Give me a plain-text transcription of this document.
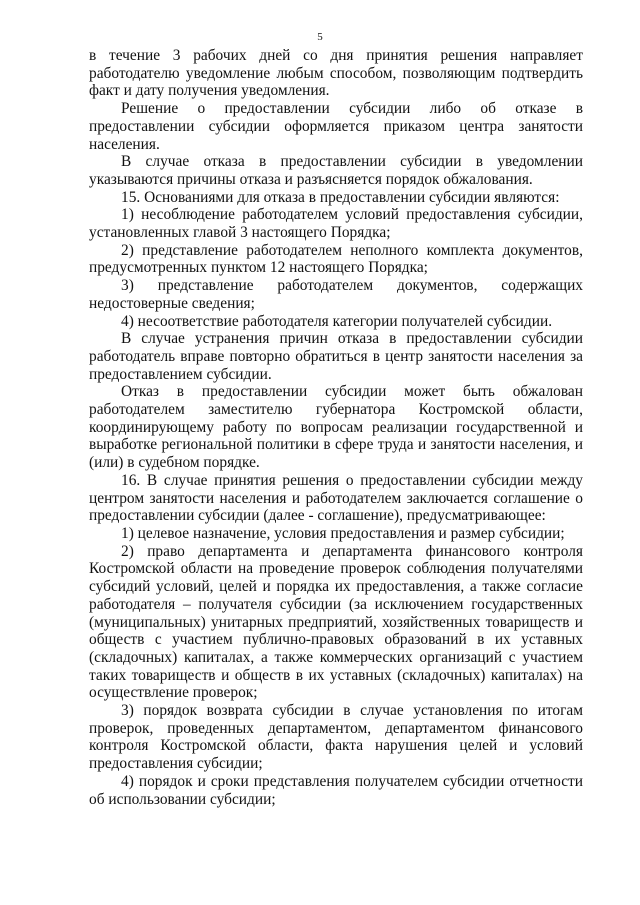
5

в течение 3 рабочих дней со дня принятия решения направляет работодателю уведомление любым способом, позволяющим подтвердить факт и дату получения уведомления.

Решение о предоставлении субсидии либо об отказе в предоставлении субсидии оформляется приказом центра занятости населения.

В случае отказа в предоставлении субсидии в уведомлении указываются причины отказа и разъясняется порядок обжалования.

15. Основаниями для отказа в предоставлении субсидии являются:

1) несоблюдение работодателем условий предоставления субсидии, установленных главой 3 настоящего Порядка;

2) представление работодателем неполного комплекта документов, предусмотренных пунктом 12 настоящего Порядка;

3) представление работодателем документов, содержащих недостоверные сведения;

4) несоответствие работодателя категории получателей субсидии.

В случае устранения причин отказа в предоставлении субсидии работодатель вправе повторно обратиться в центр занятости населения за предоставлением субсидии.

Отказ в предоставлении субсидии может быть обжалован работодателем заместителю губернатора Костромской области, координирующему работу по вопросам реализации государственной и выработке региональной политики в сфере труда и занятости населения, и (или) в судебном порядке.

16. В случае принятия решения о предоставлении субсидии между центром занятости населения и работодателем заключается соглашение о предоставлении субсидии (далее - соглашение), предусматривающее:

1) целевое назначение, условия предоставления и размер субсидии;

2) право департамента и департамента финансового контроля Костромской области на проведение проверок соблюдения получателями субсидий условий, целей и порядка их предоставления, а также согласие работодателя – получателя субсидии (за исключением государственных (муниципальных) унитарных предприятий, хозяйственных товариществ и обществ с участием публично-правовых образований в их уставных (складочных) капиталах, а также коммерческих организаций с участием таких товариществ и обществ в их уставных (складочных) капиталах) на осуществление проверок;

3) порядок возврата субсидии в случае установления по итогам проверок, проведенных департаментом, департаментом финансового контроля Костромской области, факта нарушения целей и условий предоставления субсидии;

4) порядок и сроки представления получателем субсидии отчетности об использовании субсидии;
